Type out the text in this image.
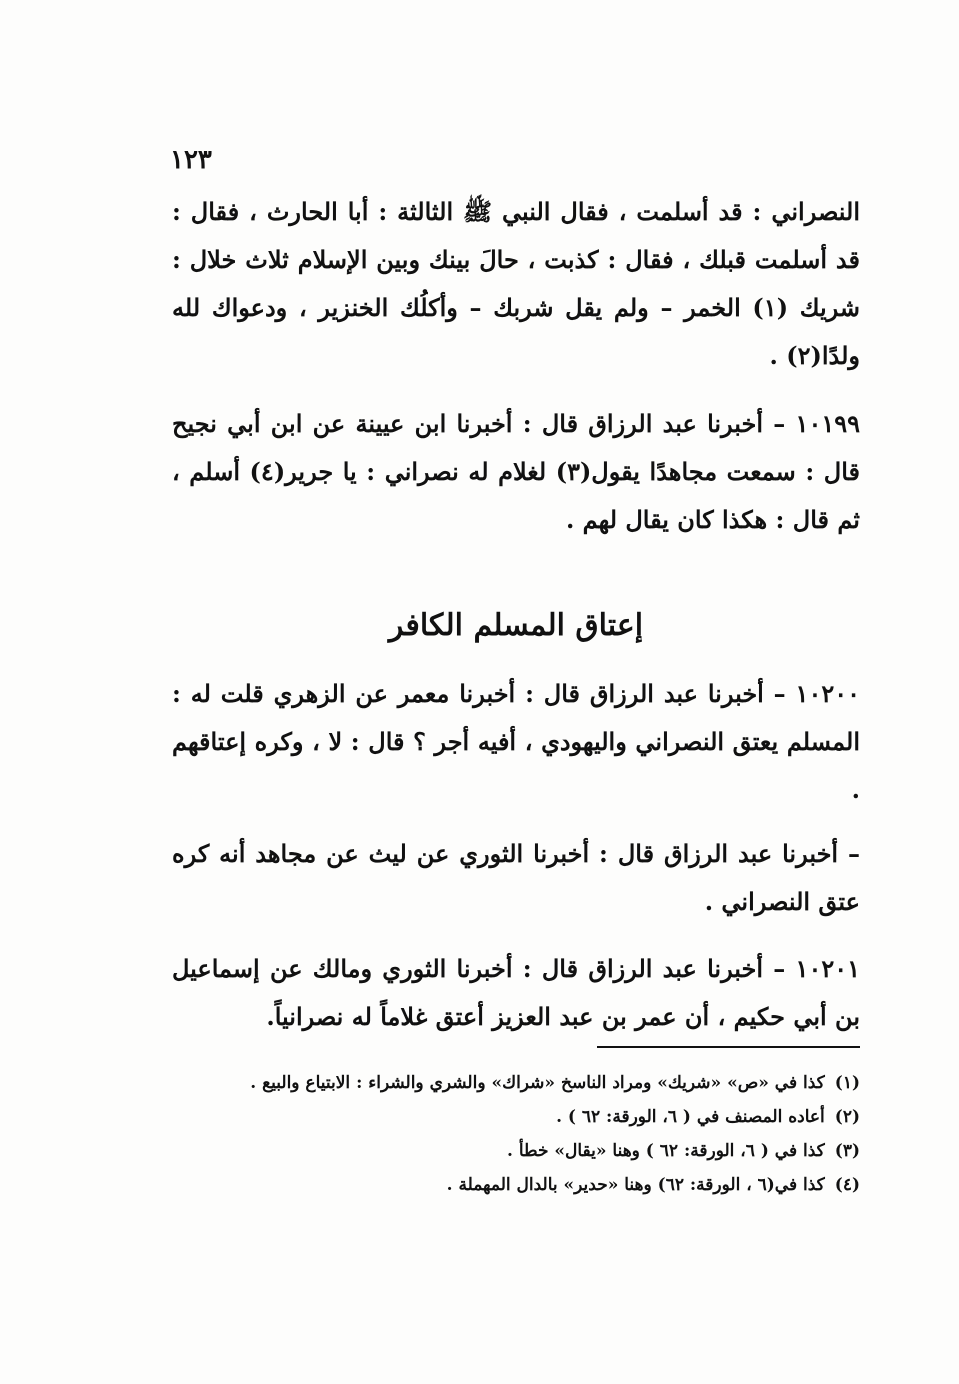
١٢٣

النصراني : قد أسلمت ، فقال النبي ﷺ الثالثة : أبا الحارث ، فقال : قد أسلمت قبلك ، فقال : كذبت ، حالَ بينك وبين الإسلام ثلاث خلال : شريك (١) الخمر – ولم يقل شربك – وأكلُك الخنزير ، ودعواك لله ولدًا(٢) .

١٠١٩٩ – أخبرنا عبد الرزاق قال : أخبرنا ابن عيينة عن ابن أبي نجيح قال : سمعت مجاهدًا يقول(٣) لغلام له نصراني : يا جرير(٤) أسلم ، ثم قال : هكذا كان يقال لهم .

إعتاق المسلم الكافر

١٠٢٠٠ – أخبرنا عبد الرزاق قال : أخبرنا معمر عن الزهري قلت له : المسلم يعتق النصراني واليهودي ، أفيه أجر ؟ قال : لا ، وكره إعتاقهم .

– أخبرنا عبد الرزاق قال : أخبرنا الثوري عن ليث عن مجاهد أنه كره عتق النصراني .

١٠٢٠١ – أخبرنا عبد الرزاق قال : أخبرنا الثوري ومالك عن إسماعيل بن أبي حكيم ، أن عمر بن عبد العزيز أعتق غلاماً له نصرانياً.

(١)كذا في «ص» «شريك» ومراد الناسخ «شراك» والشري والشراء : الابتياع والبيع .

(٢)أعاده المصنف في ( ٦، الورقة: ٦٢ ) .

(٣)كذا في ( ٦، الورقة: ٦٢ ) وهنا «يقال» خطأ .

(٤)كذا في(٦ ، الورقة: ٦٢) وهنا «حدير» بالدال المهملة .
